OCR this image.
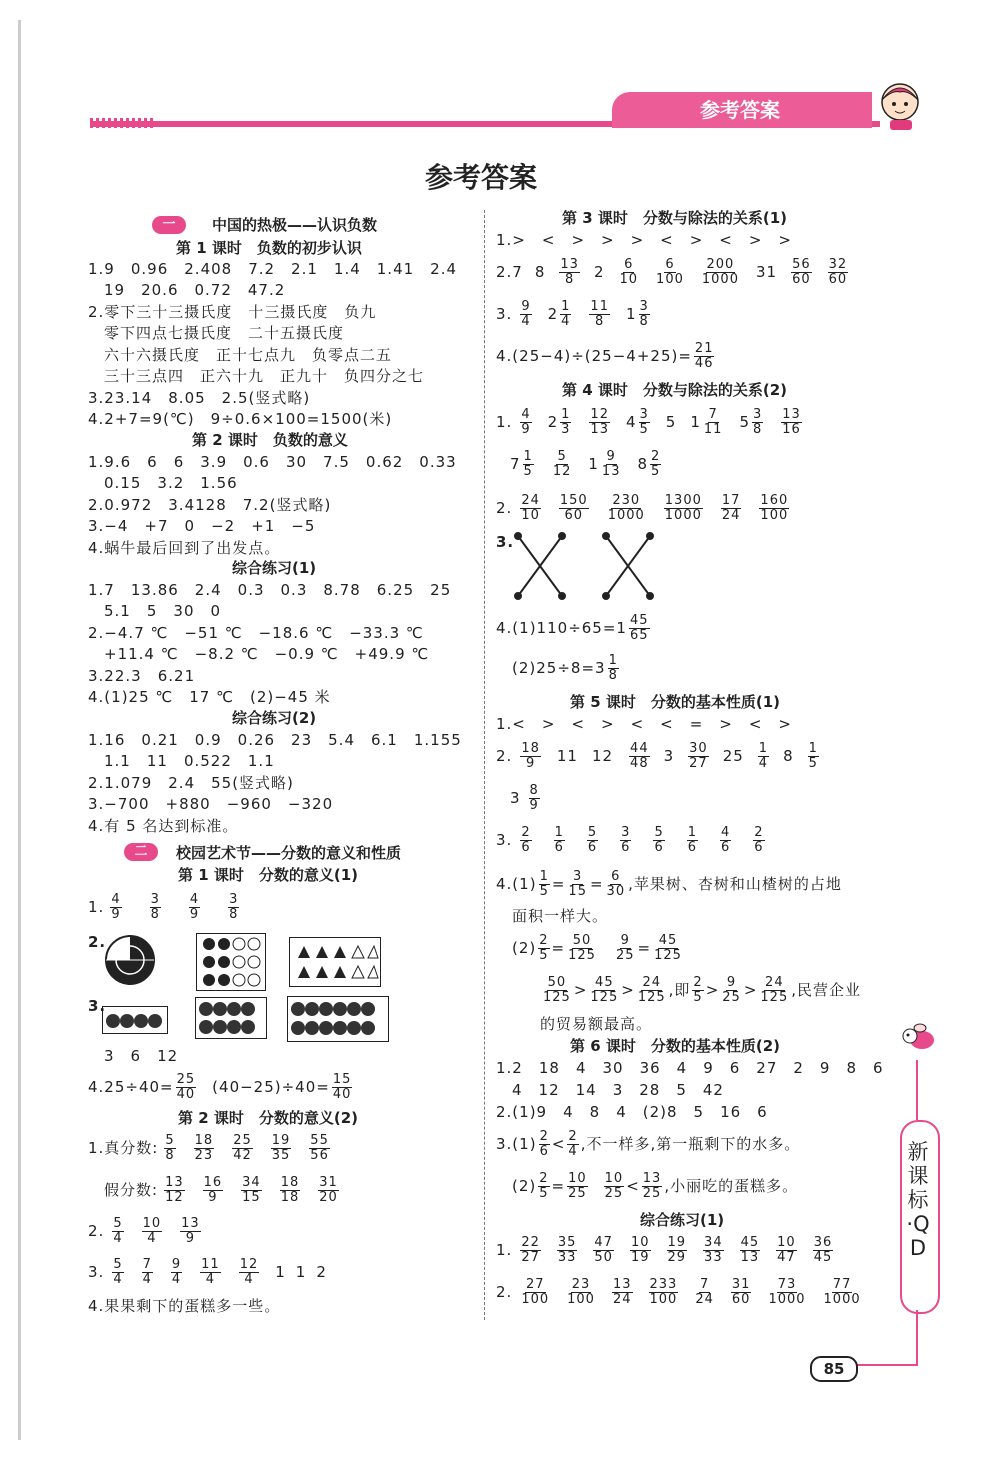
参考答案
参考答案
一	中国的热极——认识负数
第 1 课时　负数的初步认识
1.9　0.96　2.408　7.2　2.1　1.4　1.41　2.4
19　20.6　0.72　47.2
2.零下三十三摄氏度　十三摄氏度　负九
零下四点七摄氏度　二十五摄氏度
六十六摄氏度　正十七点九　负零点二五
三十三点四　正六十九　正九十　负四分之七
3.23.14　8.05　2.5(竖式略)
4.2+7=9(℃)　9÷0.6×100=1500(米)
第 2 课时　负数的意义
1.9.6　6　6　3.9　0.6　30　7.5　0.62　0.33
0.15　3.2　1.56
2.0.972　3.4128　7.2(竖式略)
3.−4　+7　0　−2　+1　−5
4.蜗牛最后回到了出发点。
综合练习(1)
1.7　13.86　2.4　0.3　0.3　8.78　6.25　25
5.1　5　30　0
2.−4.7 ℃　−51 ℃　−18.6 ℃　−33.3 ℃
+11.4 ℃　−8.2 ℃　−0.9 ℃　+49.9 ℃
3.22.3　6.21
4.(1)25 ℃　17 ℃　(2)−45 米
综合练习(2)
1.16　0.21　0.9　0.26　23　5.4　6.1　1.155
1.1　11　0.522　1.1
2.1.079　2.4　55(竖式略)
3.−700　+880　−960　−320
4.有 5 名达到标准。
二	校园艺术节——分数的意义和性质
第 1 课时　分数的意义(1)
1. $\frac{4}{9} \frac{3}{8} \frac{4}{9} \frac{3}{8}$
2.
3.
3　6　12
$4.25\div 40= \frac{25}{40} (40-25)\div 40= \frac{15}{40}$
第 2 课时　分数的意义(2)
1.真分数: $\frac{5}{8} \frac{18}{23} \frac{25}{42} \frac{19}{35} \frac{55}{56}$
假分数: $\frac{13}{12} \frac{16}{9} \frac{34}{15} \frac{18}{18} \frac{31}{20}$
2. $\frac{5}{4} \frac{10}{4} \frac{13}{9}$
3. $\frac{5}{4} \frac{7}{4} \frac{9}{4} \frac{11}{4} \frac{12}{4} 1$ 1 2
4.果果剩下的蛋糕多一些。
第 3 课时　分数与除法的关系(1)
1.>　<　>　>　>　<　>　<　>　>
2.7 $8 \frac{13}{8} 2 \frac{6}{10} \frac{6}{100} \frac{200}{1000} 31 \frac{56}{60} \frac{32}{60}$
3. $\frac{9}{4} 2 \frac{1}{4} \frac{11}{8} 1 \frac{3}{8}$
$4.(25-4)\div(25-4+25)= \frac{21}{46}$
第 4 课时　分数与除法的关系(2)
1. $\frac{4}{9} 2 \frac{1}{3} \frac{12}{13} 4 \frac{3}{5} 5$ $1 \frac{7}{11} 5 \frac{3}{8} \frac{13}{16}$
$7 \frac{1}{5} \frac{5}{12} 1 \frac{9}{13} 8 \frac{2}{5}$
2. $\frac{24}{10} \frac{150}{60} \frac{230}{1000} \frac{1300}{1000} \frac{17}{24} \frac{160}{100}$
3.
$4.(1)110\div 65=1 \frac{45}{65}$
$(2)25\div 8=3 \frac{1}{8}$
第 5 课时　分数的基本性质(1)
1.<　>　<　>　<　<　=　>　<　>
2. $\frac{18}{9} 11$ $12 \frac{44}{48} 3 \frac{30}{27} 25 \frac{1}{4} 8 \frac{1}{5}$
$3 \frac{8}{9}$
3. $\frac{2}{6} \frac{1}{6} \frac{5}{6} \frac{3}{6} \frac{5}{6} \frac{1}{6} \frac{4}{6} \frac{2}{6}$
$4.(1) \frac{1}{5} = \frac{3}{15} = \frac{6}{30}$ ,苹果树、杏树和山楂树的占地
面积一样大。
$(2) \frac{2}{5} = \frac{50}{125} \frac{9}{25} = \frac{45}{125}$
$\frac{50}{125} > \frac{45}{125} > \frac{24}{125}$ ,即 $\frac{2}{5} > \frac{9}{25} > \frac{24}{125}$ ,民营企业
的贸易额最高。
第 6 课时　分数的基本性质(2)
1.2　18　4　30　36　4　9　6　27　2　9　8　6
4　12　14　3　28　5　42
2.(1)9　4　8　4　(2)8　5　16　6
$3.(1) \frac{2}{6} < \frac{2}{4}$ ,不一样多,第一瓶剩下的水多。
$(2) \frac{2}{5} = \frac{10}{25} \frac{10}{25} < \frac{13}{25}$ ,小丽吃的蛋糕多。
综合练习(1)
1. $\frac{22}{27} \frac{35}{33} \frac{47}{50} \frac{10}{19} \frac{19}{29} \frac{34}{33} \frac{45}{13} \frac{10}{47} \frac{36}{45}$
2. $\frac{27}{100} \frac{23}{100} \frac{13}{24} \frac{233}{100} \frac{7}{24} \frac{31}{60} \frac{73}{1000} \frac{77}{1000}$
新课标·QD
85
